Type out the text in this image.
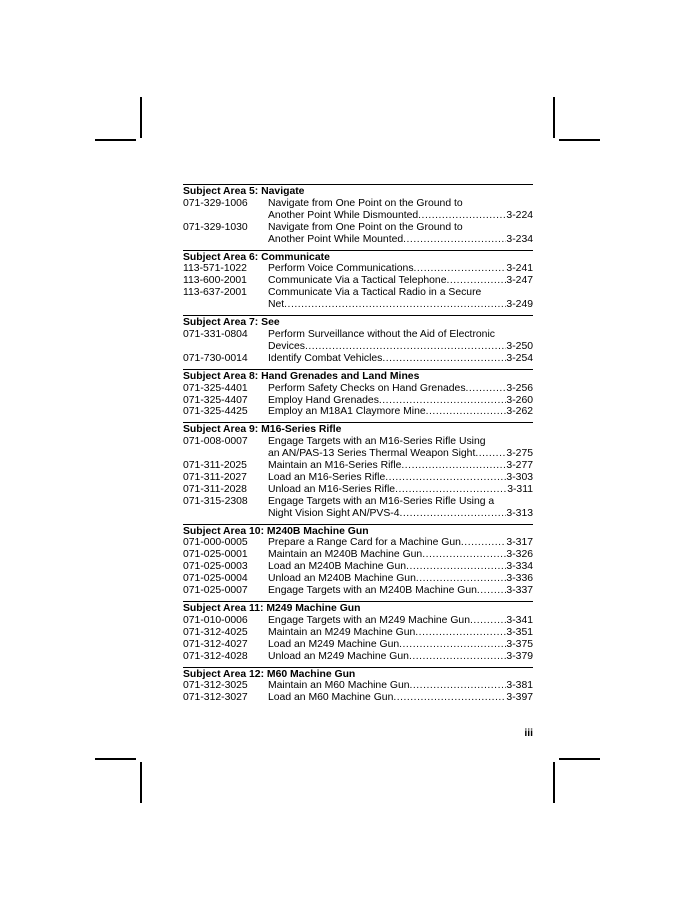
Subject Area 5: Navigate
071-329-1006	Navigate from One Point on the Ground to
Another Point While Dismounted .....	3-224
071-329-1030	Navigate from One Point on the Ground to
Another Point While Mounted .....	3-234
Subject Area 6: Communicate
113-571-1022	Perform Voice Communications .....	3-241
113-600-2001	Communicate Via a Tactical Telephone .....	3-247
113-637-2001	Communicate Via a Tactical Radio in a Secure
Net .....	3-249
Subject Area 7: See
071-331-0804	Perform Surveillance without the Aid of Electronic
Devices .....	3-250
071-730-0014	Identify Combat Vehicles .....	3-254
Subject Area 8: Hand Grenades and Land Mines
071-325-4401	Perform Safety Checks on Hand Grenades .....	3-256
071-325-4407	Employ Hand Grenades .....	3-260
071-325-4425	Employ an M18A1 Claymore Mine .....	3-262
Subject Area 9: M16-Series Rifle
071-008-0007	Engage Targets with an M16-Series Rifle Using
an AN/PAS-13 Series Thermal Weapon Sight .....	3-275
071-311-2025	Maintain an M16-Series Rifle .....	3-277
071-311-2027	Load an M16-Series Rifle .....	3-303
071-311-2028	Unload an M16-Series Rifle .....	3-311
071-315-2308	Engage Targets with an M16-Series Rifle Using a
Night Vision Sight AN/PVS-4 .....	3-313
Subject Area 10: M240B Machine Gun
071-000-0005	Prepare a Range Card for a Machine Gun .....	3-317
071-025-0001	Maintain an M240B Machine Gun .....	3-326
071-025-0003	Load an M240B Machine Gun .....	3-334
071-025-0004	Unload an M240B Machine Gun .....	3-336
071-025-0007	Engage Targets with an M240B Machine Gun .....	3-337
Subject Area 11: M249 Machine Gun
071-010-0006	Engage Targets with an M249 Machine Gun .....	3-341
071-312-4025	Maintain an M249 Machine Gun .....	3-351
071-312-4027	Load an M249 Machine Gun .....	3-375
071-312-4028	Unload an M249 Machine Gun .....	3-379
Subject Area 12: M60 Machine Gun
071-312-3025	Maintain an M60 Machine Gun .....	3-381
071-312-3027	Load an M60 Machine Gun .....	3-397
iii
